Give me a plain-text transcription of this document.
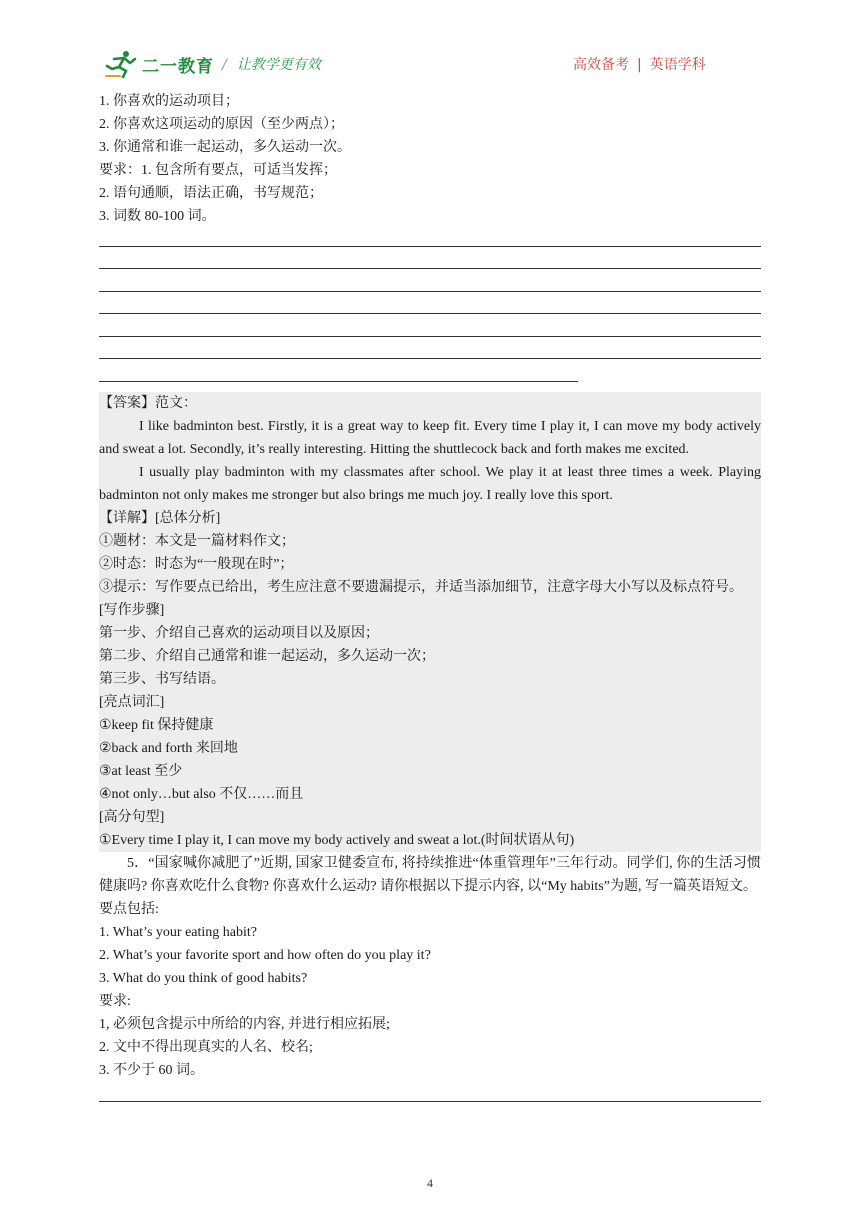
二一教育 / 让教学更有效	高效备考 | 英语学科
1. 你喜欢的运动项目；
2. 你喜欢这项运动的原因（至少两点）；
3. 你通常和谁一起运动，多久运动一次。
要求：1. 包含所有要点，可适当发挥；
2. 语句通顺，语法正确，书写规范；
3. 词数 80-100 词。
【答案】范文：
I like badminton best. Firstly, it is a great way to keep fit. Every time I play it, I can move my body actively and sweat a lot. Secondly, it’s really interesting. Hitting the shuttlecock back and forth makes me excited.
I usually play badminton with my classmates after school. We play it at least three times a week. Playing badminton not only makes me stronger but also brings me much joy. I really love this sport.
【详解】[总体分析]
①题材：本文是一篇材料作文；
②时态：时态为“一般现在时”；
③提示：写作要点已给出，考生应注意不要遗漏提示，并适当添加细节，注意字母大小写以及标点符号。
[写作步骤]
第一步、介绍自己喜欢的运动项目以及原因；
第二步、介绍自己通常和谁一起运动，多久运动一次；
第三步、书写结语。
[亮点词汇]
①keep fit 保持健康
②back and forth 来回地
③at least 至少
④not only…but also 不仅……而且
[高分句型]
①Every time I play it, I can move my body actively and sweat a lot.(时间状语从句)
5．“国家喊你减肥了”近期, 国家卫健委宣布, 将持续推进“体重管理年”三年行动。同学们, 你的生活习惯健康吗? 你喜欢吃什么食物? 你喜欢什么运动? 请你根据以下提示内容, 以“My habits”为题, 写一篇英语短文。
要点包括:
1. What’s your eating habit?
2. What’s your favorite sport and how often do you play it?
3. What do you think of good habits?
要求:
1, 必须包含提示中所给的内容, 并进行相应拓展;
2. 文中不得出现真实的人名、校名;
3. 不少于 60 词。
4
